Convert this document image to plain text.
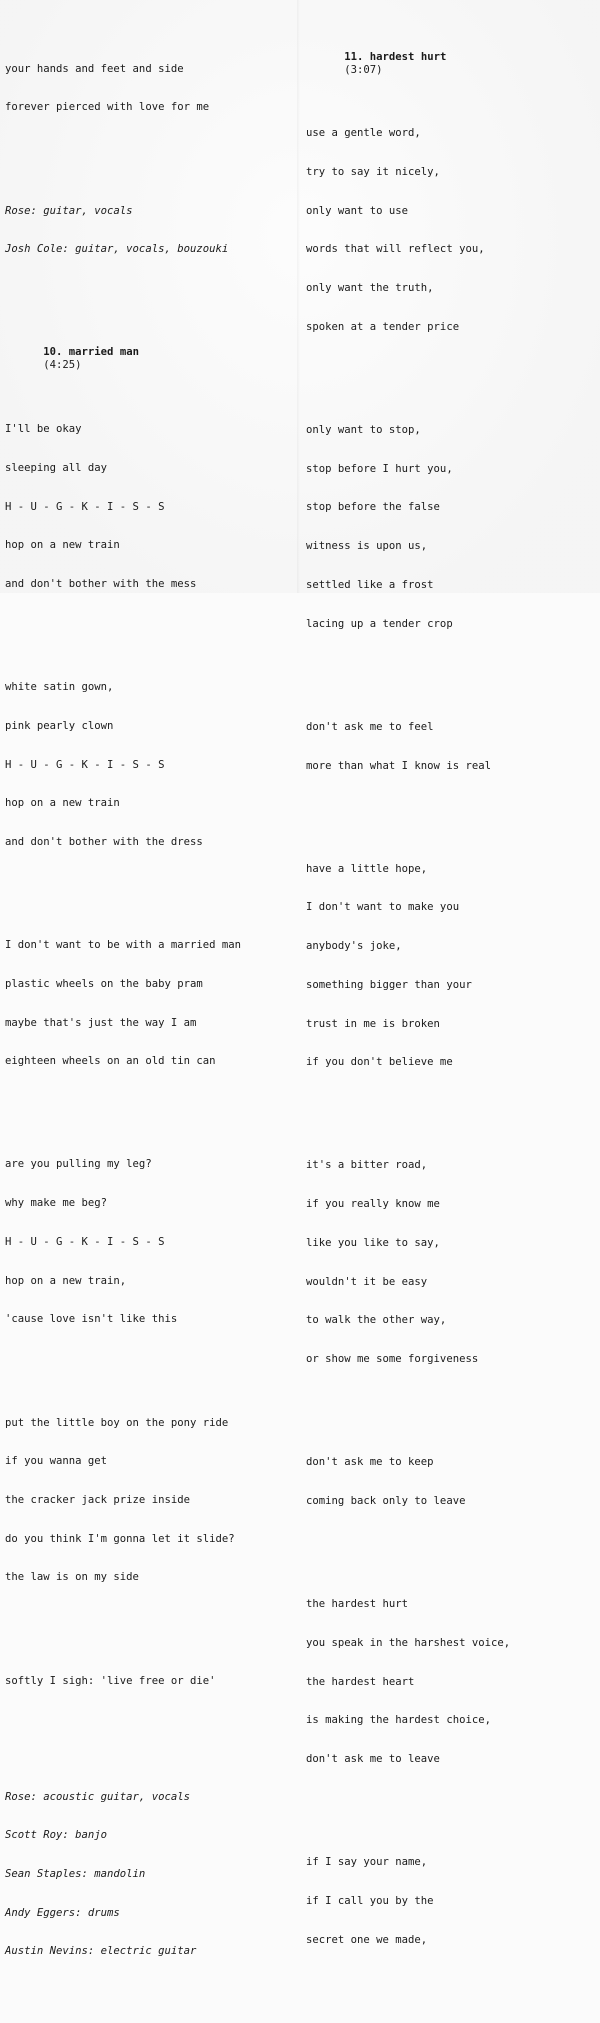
your hands and feet and side

forever pierced with love for me

Rose: guitar, vocals

Josh Cole: guitar, vocals, bouzouki

10. married man
(4:25)

I'll be okay

sleeping all day

H - U - G - K - I - S - S

hop on a new train

and don't bother with the mess

white satin gown,

pink pearly clown

H - U - G - K - I - S - S

hop on a new train

and don't bother with the dress

I don't want to be with a married man

plastic wheels on the baby pram

maybe that's just the way I am

eighteen wheels on an old tin can

are you pulling my leg?

why make me beg?

H - U - G - K - I - S - S

hop on a new train,

'cause love isn't like this

put the little boy on the pony ride

if you wanna get

the cracker jack prize inside

do you think I'm gonna let it slide?

the law is on my side

softly I sigh: 'live free or die'

Rose: acoustic guitar, vocals

Scott Roy: banjo

Sean Staples: mandolin

Andy Eggers: drums

Austin Nevins: electric guitar

11. hardest hurt
(3:07)

use a gentle word,

try to say it nicely,

only want to use

words that will reflect you,

only want the truth,

spoken at a tender price

only want to stop,

stop before I hurt you,

stop before the false

witness is upon us,

settled like a frost

lacing up a tender crop

don't ask me to feel

more than what I know is real

have a little hope,

I don't want to make you

anybody's joke,

something bigger than your

trust in me is broken

if you don't believe me

it's a bitter road,

if you really know me

like you like to say,

wouldn't it be easy

to walk the other way,

or show me some forgiveness

don't ask me to keep

coming back only to leave

the hardest hurt

you speak in the harshest voice,

the hardest heart

is making the hardest choice,

don't ask me to leave

if I say your name,

if I call you by the

secret one we made,
